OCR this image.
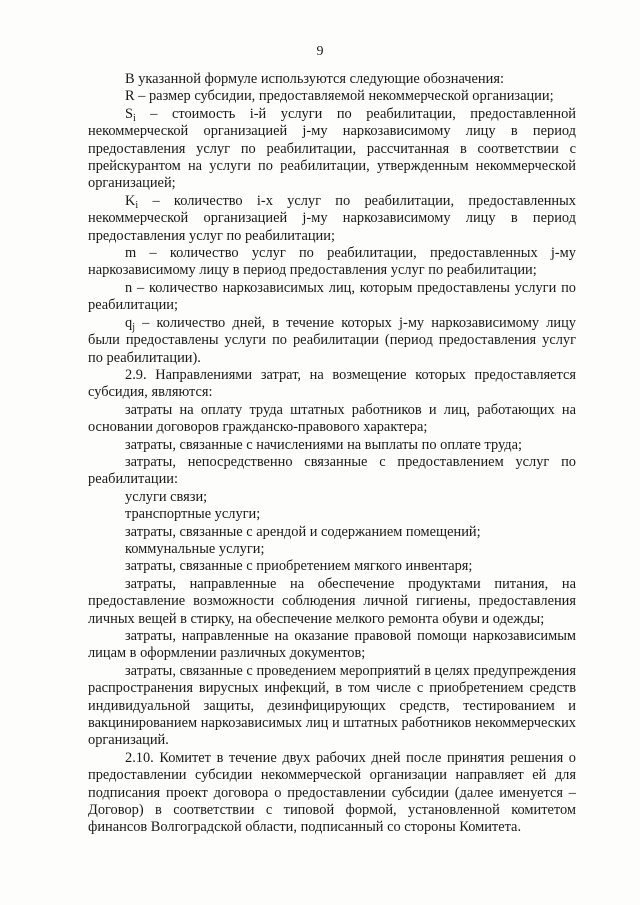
9

В указанной формуле используются следующие обозначения:

R – размер субсидии, предоставляемой некоммерческой организации;

$S_i$ – стоимость i-й услуги по реабилитации, предоставленной некоммерческой организацией j-му наркозависимому лицу в период предоставления услуг по реабилитации, рассчитанная в соответствии с прейскурантом на услуги по реабилитации, утвержденным некоммерческой организацией;

$K_i$ – количество i-х услуг по реабилитации, предоставленных некоммерческой организацией j-му наркозависимому лицу в период предоставления услуг по реабилитации;

m – количество услуг по реабилитации, предоставленных j-му наркозависимому лицу в период предоставления услуг по реабилитации;

n – количество наркозависимых лиц, которым предоставлены услуги по реабилитации;

$q_j$ – количество дней, в течение которых j-му наркозависимому лицу были предоставлены услуги по реабилитации (период предоставления услуг по реабилитации).

2.9. Направлениями затрат, на возмещение которых предоставляется субсидия, являются:

затраты на оплату труда штатных работников и лиц, работающих на основании договоров гражданско-правового характера;

затраты, связанные с начислениями на выплаты по оплате труда;

затраты, непосредственно связанные с предоставлением услуг по реабилитации:

услуги связи;

транспортные услуги;

затраты, связанные с арендой и содержанием помещений;

коммунальные услуги;

затраты, связанные с приобретением мягкого инвентаря;

затраты, направленные на обеспечение продуктами питания, на предоставление возможности соблюдения личной гигиены, предоставления личных вещей в стирку, на обеспечение мелкого ремонта обуви и одежды;

затраты, направленные на оказание правовой помощи наркозависимым лицам в оформлении различных документов;

затраты, связанные с проведением мероприятий в целях предупреждения распространения вирусных инфекций, в том числе с приобретением средств индивидуальной защиты, дезинфицирующих средств, тестированием и вакцинированием наркозависимых лиц и штатных работников некоммерческих организаций.

2.10. Комитет в течение двух рабочих дней после принятия решения о предоставлении субсидии некоммерческой организации направляет ей для подписания проект договора о предоставлении субсидии (далее именуется – Договор) в соответствии с типовой формой, установленной комитетом финансов Волгоградской области, подписанный со стороны Комитета.
